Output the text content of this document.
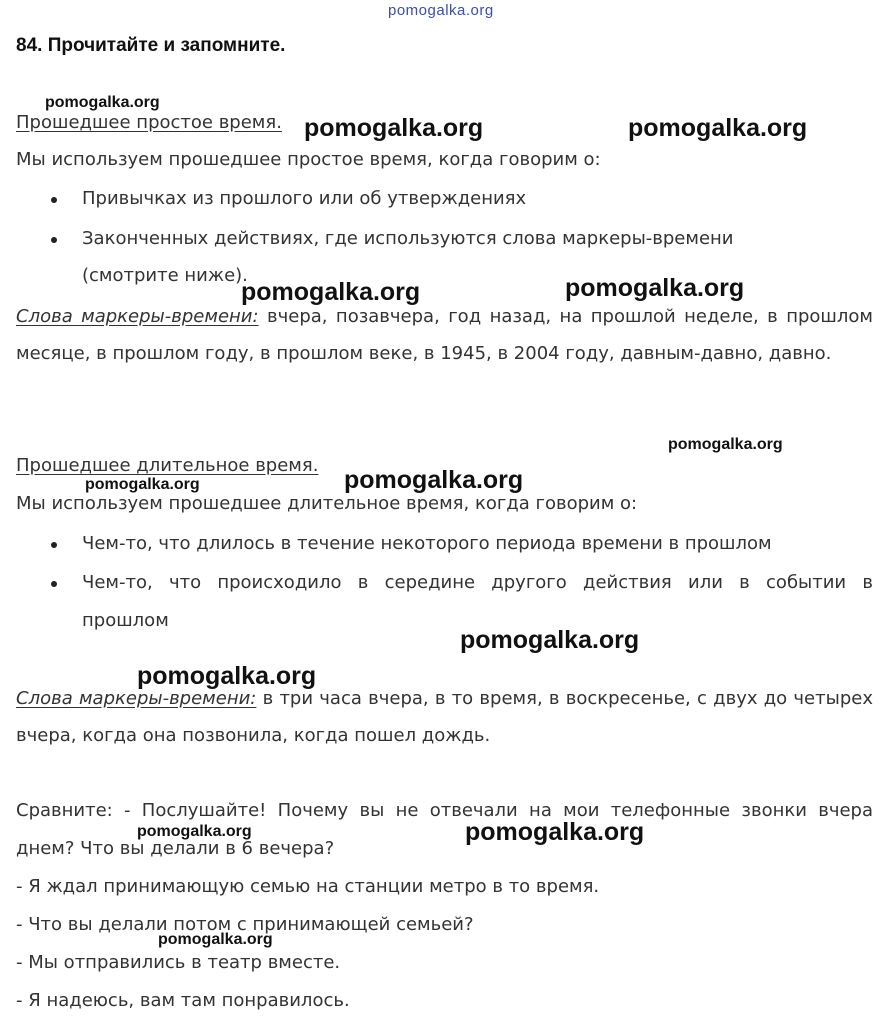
pomogalka.org
84. Прочитайте и запомните.
Прошедшее простое время.
Мы используем прошедшее простое время, когда говорим о:
Привычках из прошлого или об утверждениях
Законченных действиях, где используются слова маркеры-времени
(смотрите ниже).

Слова маркеры-времени: вчера, позавчера, год назад, на прошлой неделе, в прошлом месяце, в прошлом году, в прошлом веке, в 1945, в 2004 году, давным-давно, давно.

Прошедшее длительное время.
Мы используем прошедшее длительное время, когда говорим о:
Чем-то, что длилось в течение некоторого периода времени в прошлом
Чем-то, что происходило в середине другого действия или в событии в
прошлом

Слова маркеры-времени: в три часа вчера, в то время, в воскресенье, с двух до четырех вчера, когда она позвонила, когда пошел дождь.

Сравните: - Послушайте! Почему вы не отвечали на мои телефонные звонки вчера
днем? Что вы делали в 6 вечера?
- Я ждал принимающую семью на станции метро в то время.
- Что вы делали потом с принимающей семьей?
- Мы отправились в театр вместе.
- Я надеюсь, вам там понравилось.
pomogalka.org
pomogalka.org	pomogalka.org
pomogalka.org	pomogalka.org
pomogalka.org
pomogalka.org
pomogalka.org
pomogalka.org
pomogalka.org
pomogalka.org
pomogalka.org
pomogalka.org
